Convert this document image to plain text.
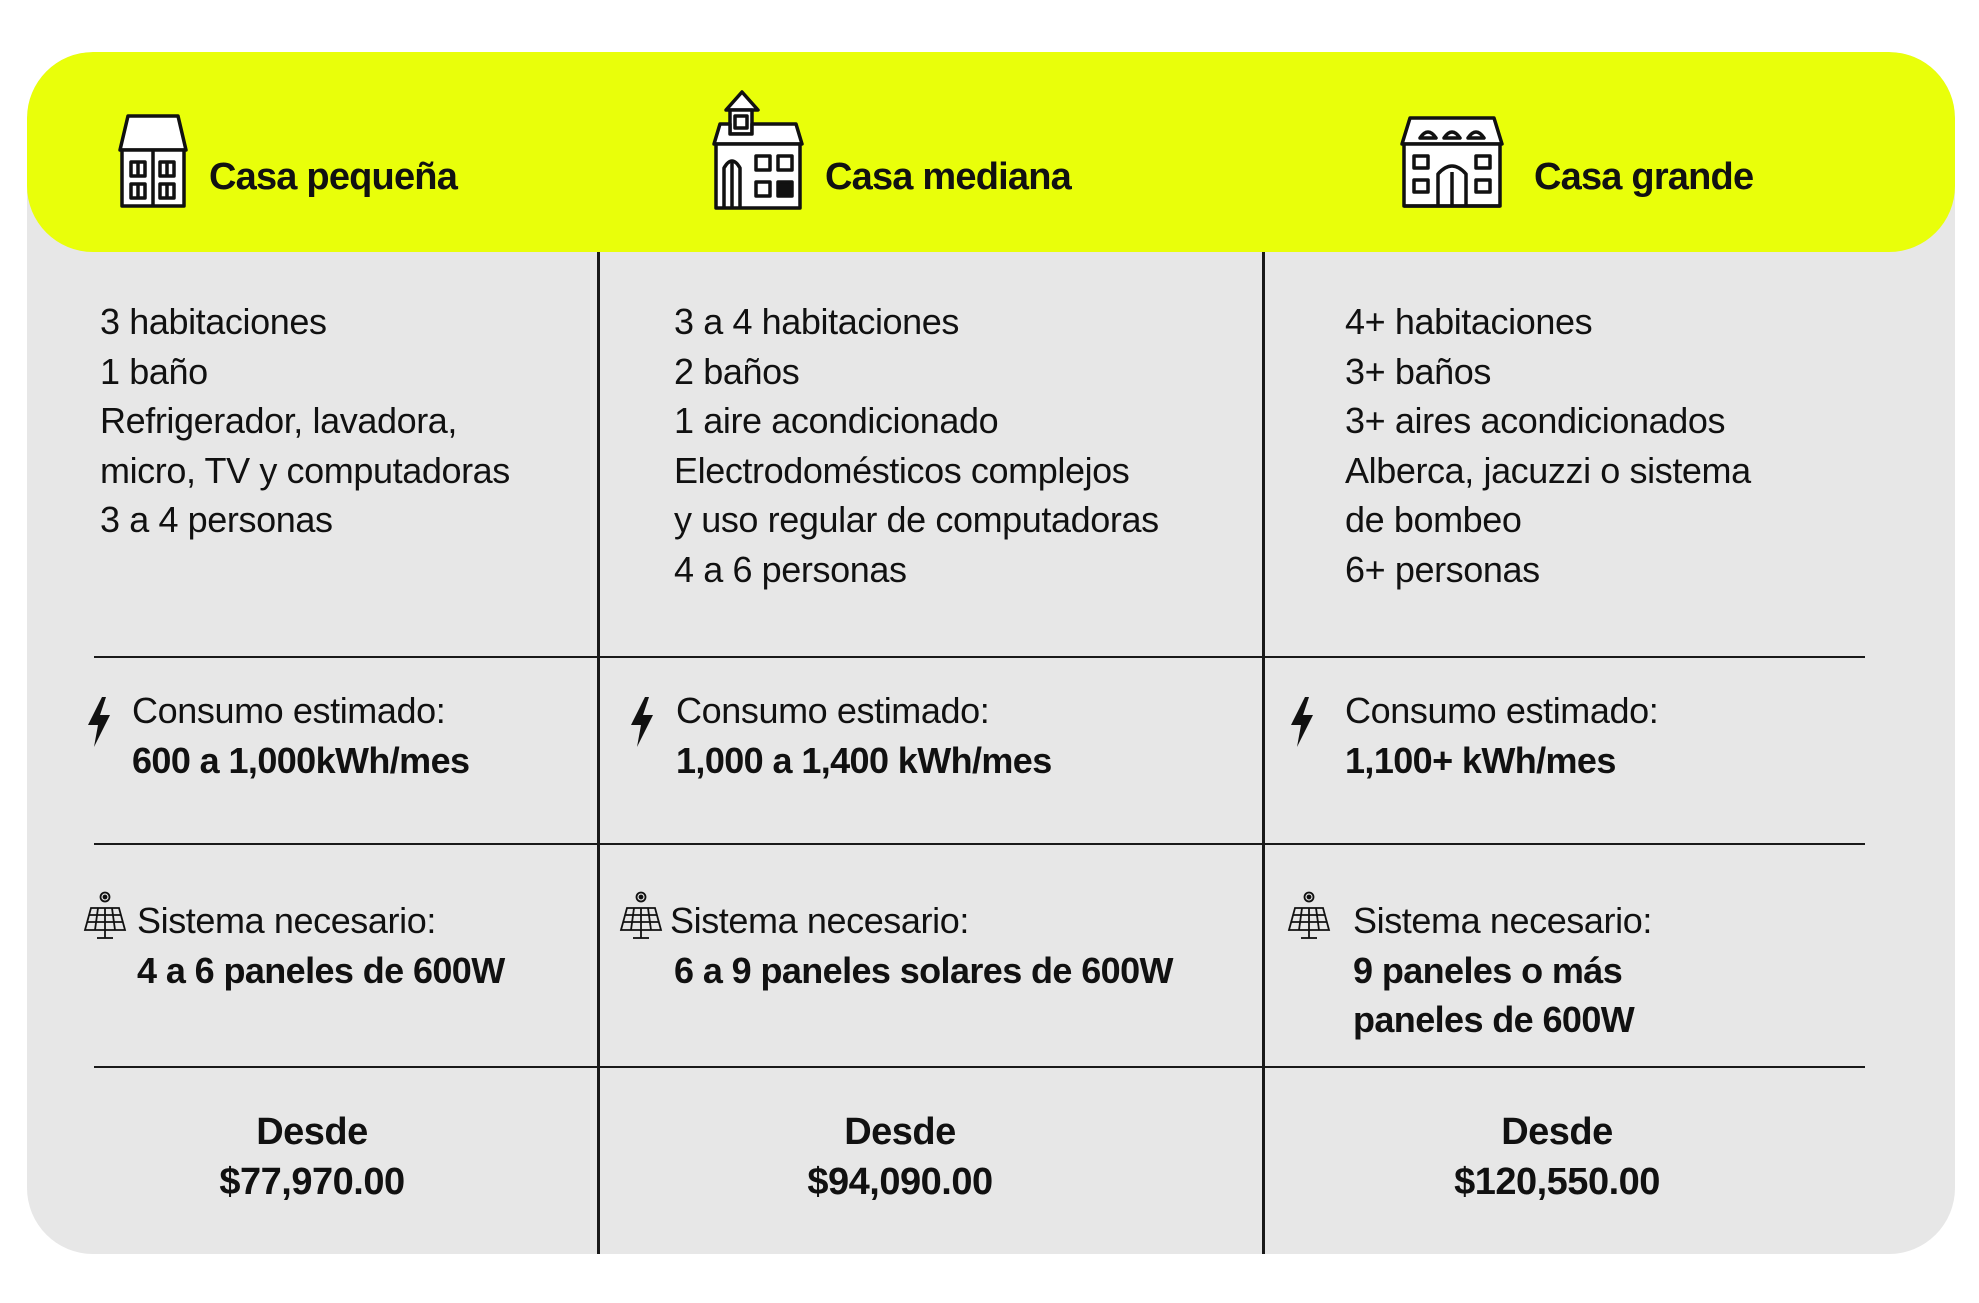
Casa pequeña	Casa mediana	Casa grande
3 habitaciones
1 baño
Refrigerador, lavadora,
micro, TV y computadoras
3 a 4 personas
3 a 4 habitaciones
2 baños
1 aire acondicionado
Electrodomésticos complejos
y uso regular de computadoras
4 a 6 personas
4+ habitaciones
3+ baños
3+ aires acondicionados
Alberca, jacuzzi o sistema
de bombeo
6+ personas
Consumo estimado:
600 a 1,000kWh/mes
Consumo estimado:
1,000 a 1,400 kWh/mes
Consumo estimado:
1,100+ kWh/mes
Sistema necesario:
4 a 6 paneles de 600W
Sistema necesario:
6 a 9 paneles solares de 600W
Sistema necesario:
9 paneles o más
paneles de 600W
Desde
$77,970.00
Desde
$94,090.00
Desde
$120,550.00
